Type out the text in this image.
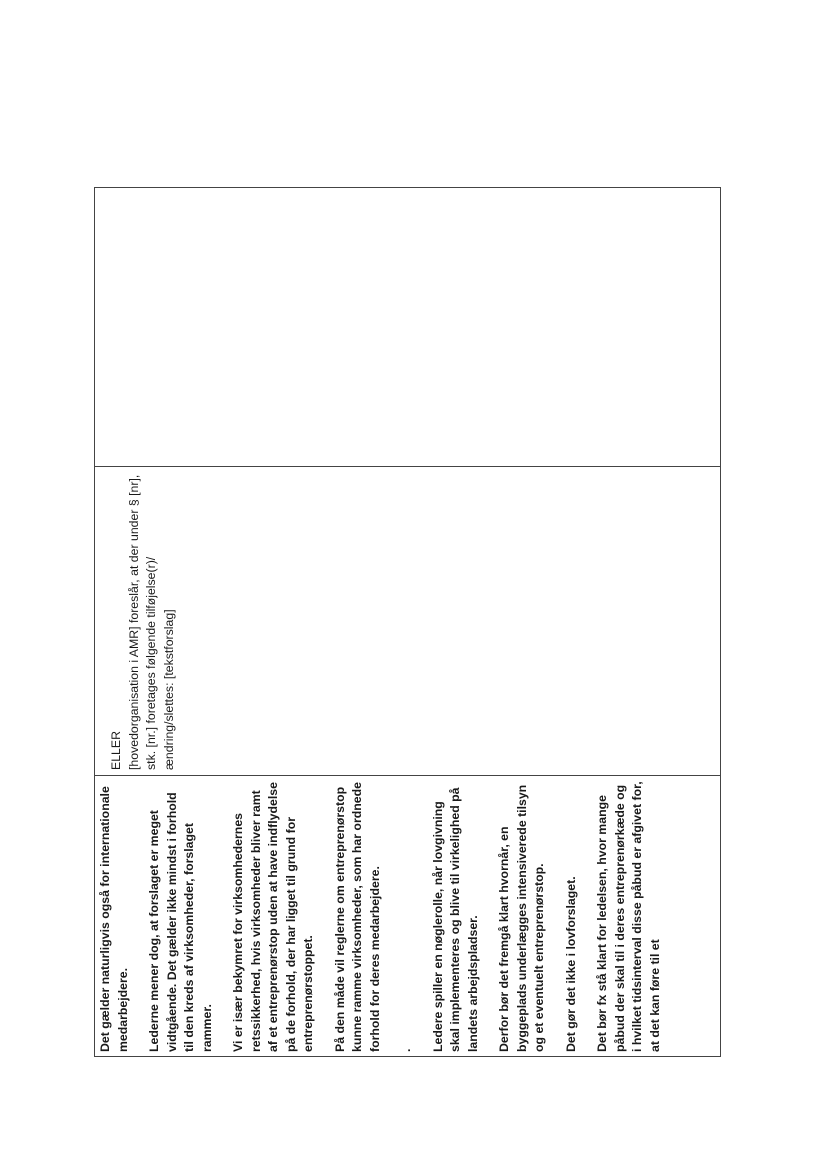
Det gælder naturligvis også for internationale medarbejdere. Lederne mener dog, at forslaget er meget vidtgående. Det gælder ikke mindst i forhold til den kreds af virksomheder, forslaget rammer. Vi er især bekymret for virksomhedernes retssikkerhed, hvis virksomheder bliver ramt af et entreprenørstop uden at have indflydelse på de forhold, der har ligget til grund for entreprenørstoppet. På den måde vil reglerne om entreprenørstop kunne ramme virksomheder, som har ordnede forhold for deres medarbejdere. . Ledere spiller en nøglerolle, når lovgivning skal implementeres og blive til virkelighed på landets arbejdspladser. Derfor bør det fremgå klart hvornår, en byggeplads underlægges intensiverede tilsyn og et eventuelt entreprenørstop. Det gør det ikke i lovforslaget. Det bør fx stå klart for ledelsen, hvor mange påbud der skal til i deres entreprenørkæde og i hvilket tidsinterval disse påbud er afgivet for, at det kan føre til et

ELLER [hovedorganisation i AMR] foreslår, at der under § [nr], stk. [nr.] foretages følgende tilføjelse(r)/ændring/slettes: [tekstforslag]
